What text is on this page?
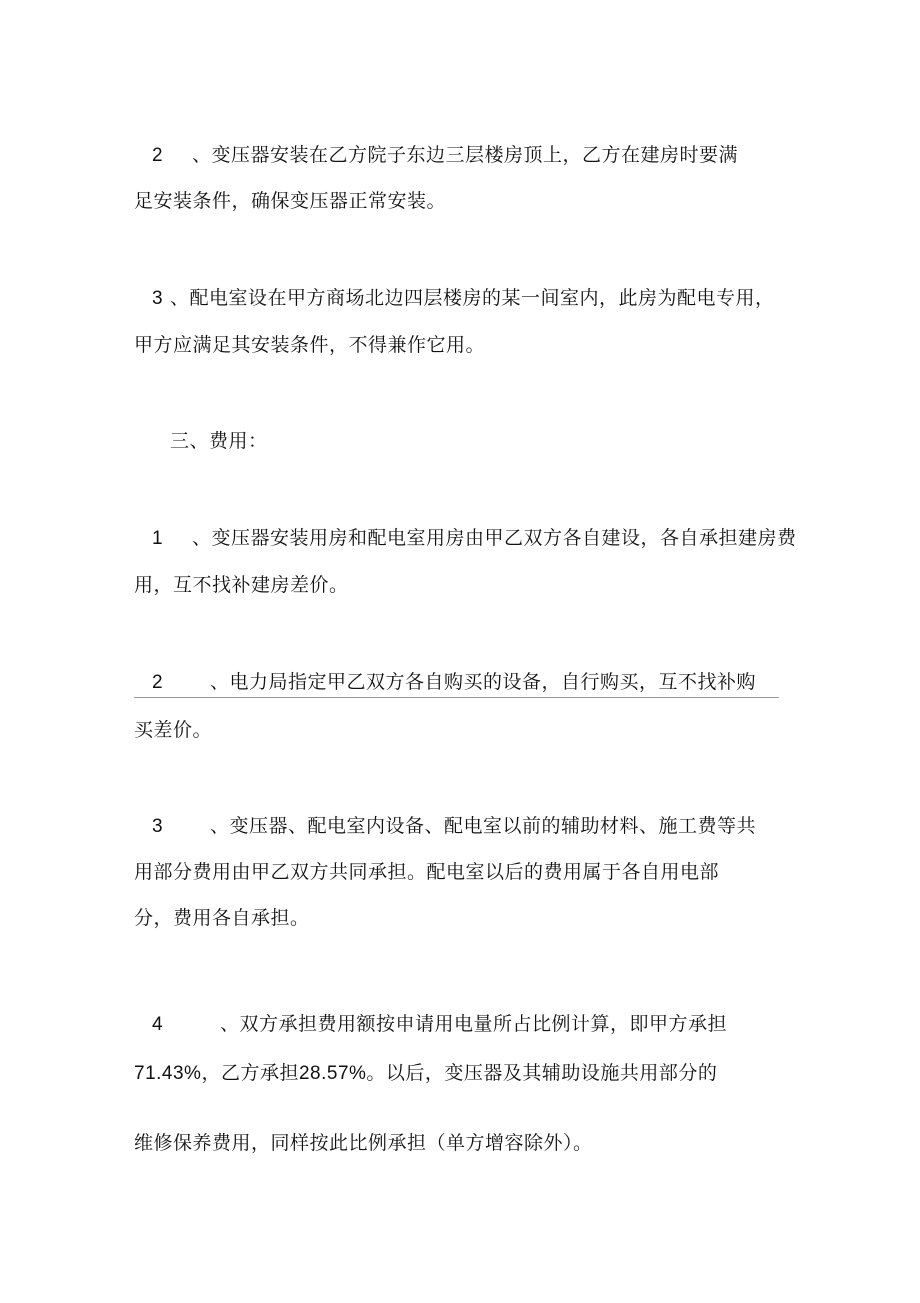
2 、变压器安装在乙方院子东边三层楼房顶上，乙方在建房时要满
足安装条件，确保变压器正常安装。
3 、配电室设在甲方商场北边四层楼房的某一间室内，此房为配电专用，
甲方应满足其安装条件，不得兼作它用。
三、费用：
1 、变压器安装用房和配电室用房由甲乙双方各自建设，各自承担建房费
用，互不找补建房差价。
2 、电力局指定甲乙双方各自购买的设备，自行购买，互不找补购
买差价。
3 、变压器、配电室内设备、配电室以前的辅助材料、施工费等共
用部分费用由甲乙双方共同承担。配电室以后的费用属于各自用电部
分，费用各自承担。
4	、双方承担费用额按申请用电量所占比例计算，即甲方承担
71.43%，乙方承担28.57%。以后，变压器及其辅助设施共用部分的
维修保养费用，同样按此比例承担（单方增容除外）。
